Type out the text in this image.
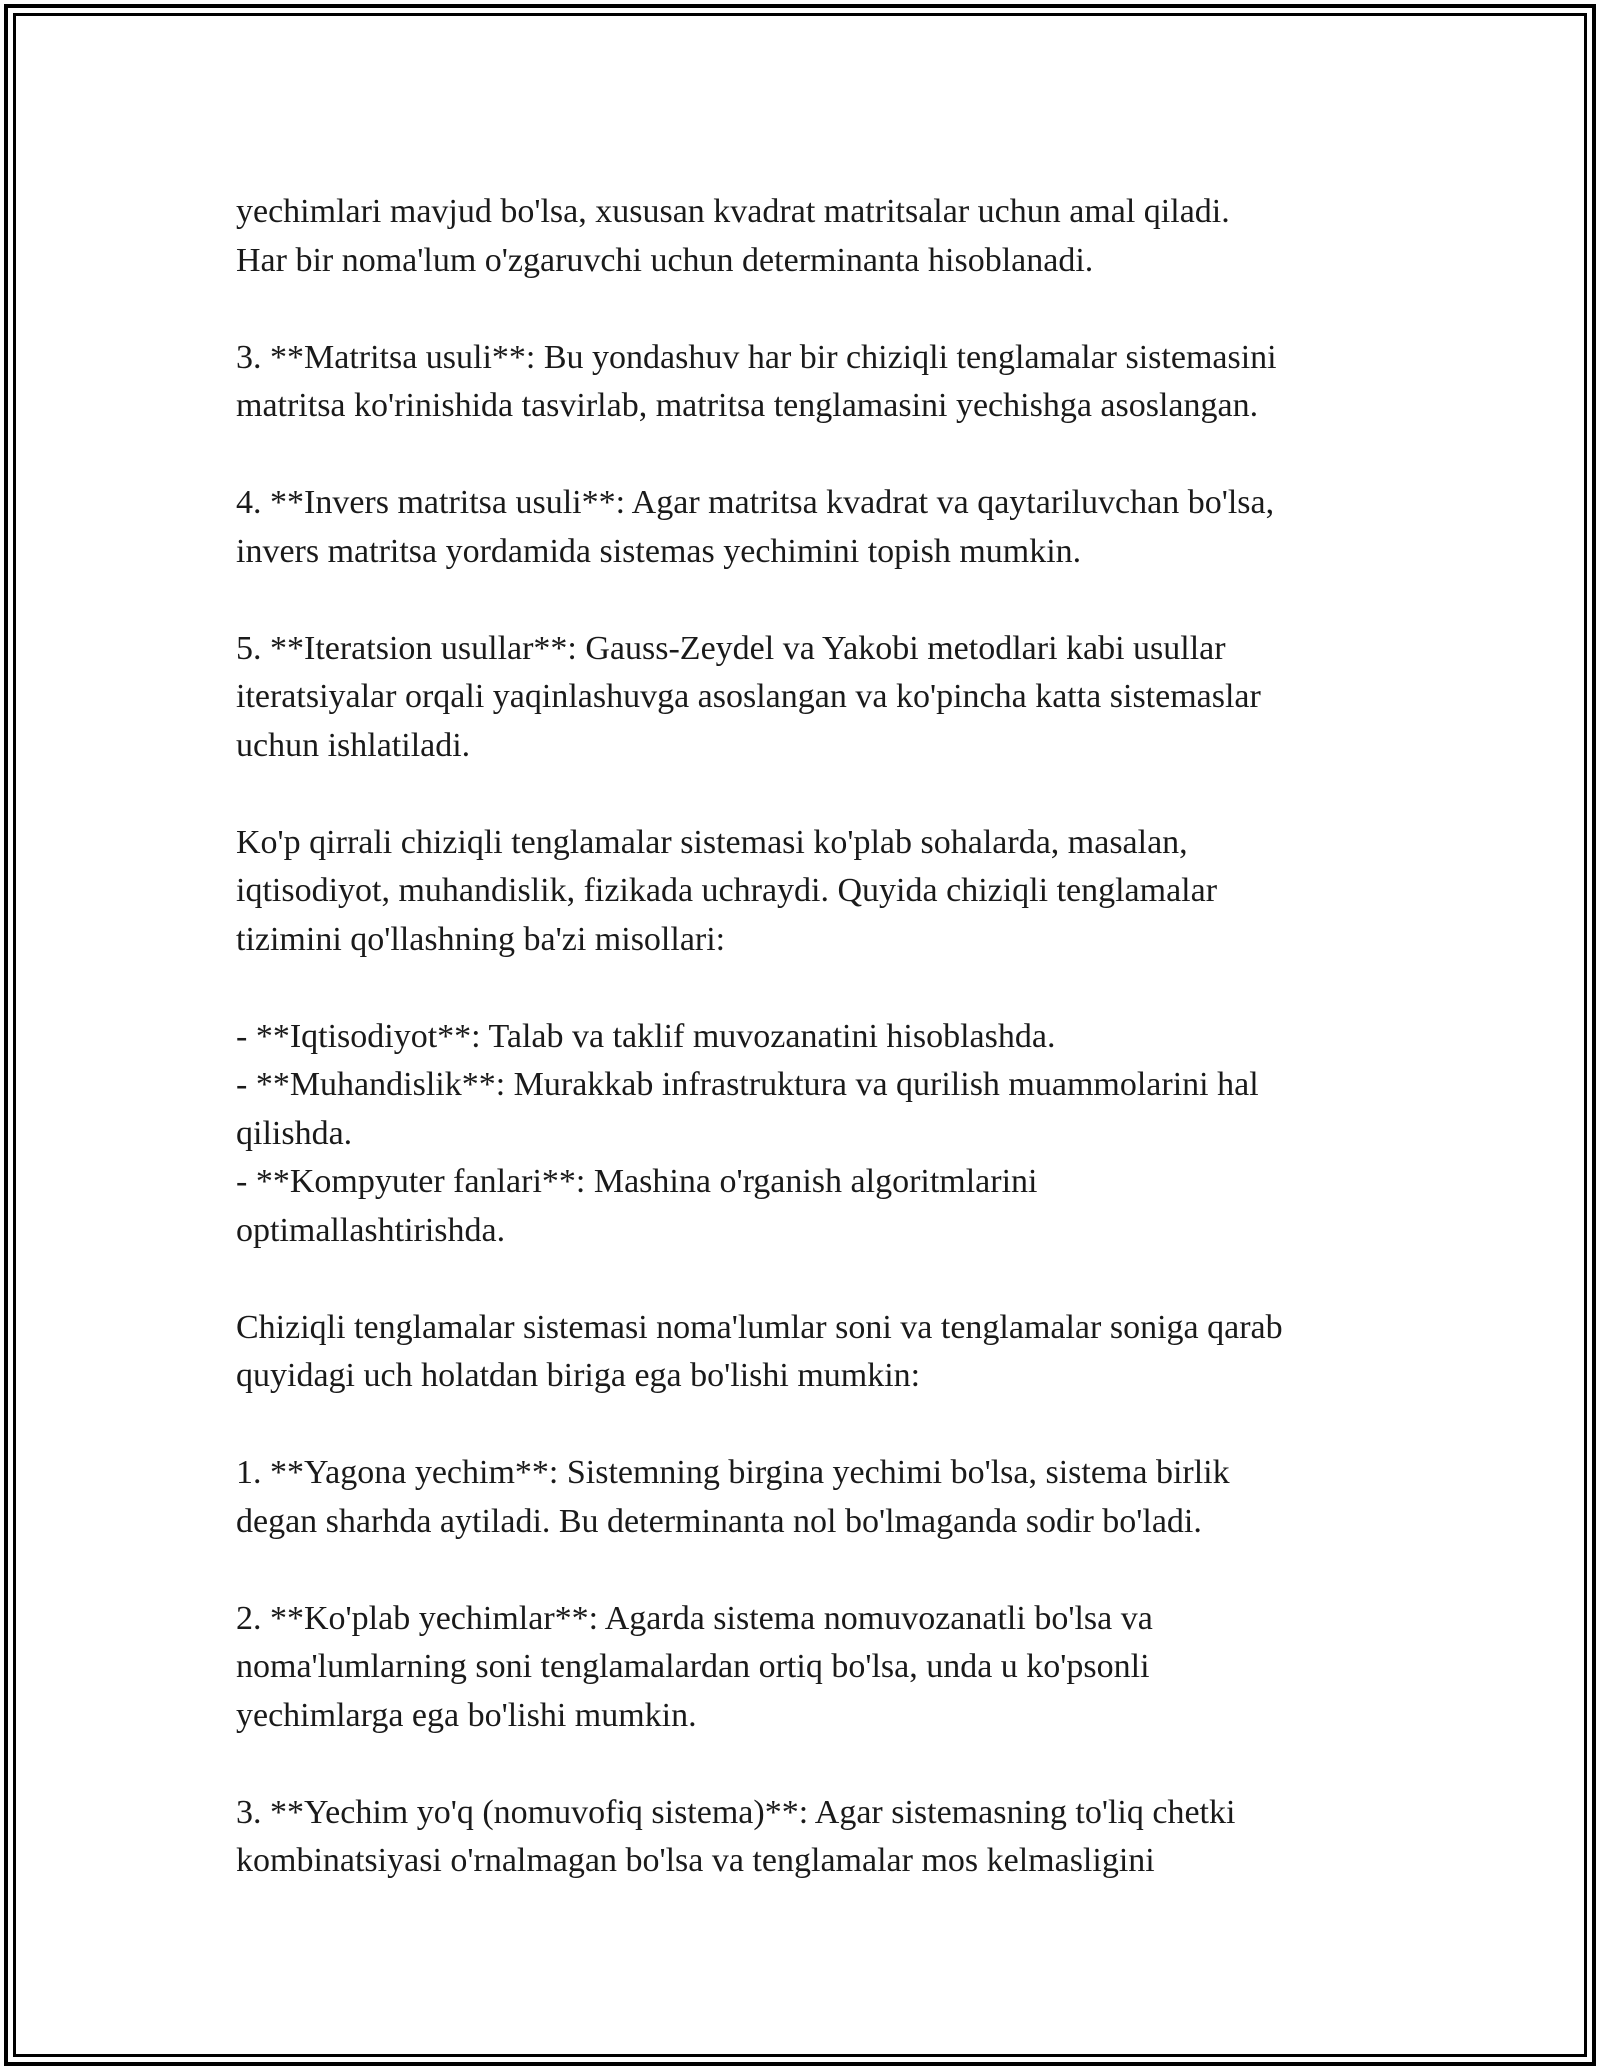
yechimlari mavjud bo'lsa, xususan kvadrat matritsalar uchun amal qiladi.
Har bir noma'lum o'zgaruvchi uchun determinanta hisoblanadi.
3. **Matritsa usuli**: Bu yondashuv har bir chiziqli tenglamalar sistemasini
matritsa ko'rinishida tasvirlab, matritsa tenglamasini yechishga asoslangan.
4. **Invers matritsa usuli**: Agar matritsa kvadrat va qaytariluvchan bo'lsa,
invers matritsa yordamida sistemas yechimini topish mumkin.
5. **Iteratsion usullar**: Gauss-Zeydel va Yakobi metodlari kabi usullar
iteratsiyalar orqali yaqinlashuvga asoslangan va ko'pincha katta sistemaslar
uchun ishlatiladi.
Ko'p qirrali chiziqli tenglamalar sistemasi ko'plab sohalarda, masalan,
iqtisodiyot, muhandislik, fizikada uchraydi. Quyida chiziqli tenglamalar
tizimini qo'llashning ba'zi misollari:
- **Iqtisodiyot**: Talab va taklif muvozanatini hisoblashda.
- **Muhandislik**: Murakkab infrastruktura va qurilish muammolarini hal
qilishda.
- **Kompyuter fanlari**: Mashina o'rganish algoritmlarini
optimallashtirishda.
Chiziqli tenglamalar sistemasi noma'lumlar soni va tenglamalar soniga qarab
quyidagi uch holatdan biriga ega bo'lishi mumkin:
1. **Yagona yechim**: Sistemning birgina yechimi bo'lsa, sistema birlik
degan sharhda aytiladi. Bu determinanta nol bo'lmaganda sodir bo'ladi.
2. **Ko'plab yechimlar**: Agarda sistema nomuvozanatli bo'lsa va
noma'lumlarning soni tenglamalardan ortiq bo'lsa, unda u ko'psonli
yechimlarga ega bo'lishi mumkin.
3. **Yechim yo'q (nomuvofiq sistema)**: Agar sistemasning to'liq chetki
kombinatsiyasi o'rnalmagan bo'lsa va tenglamalar mos kelmasligini
